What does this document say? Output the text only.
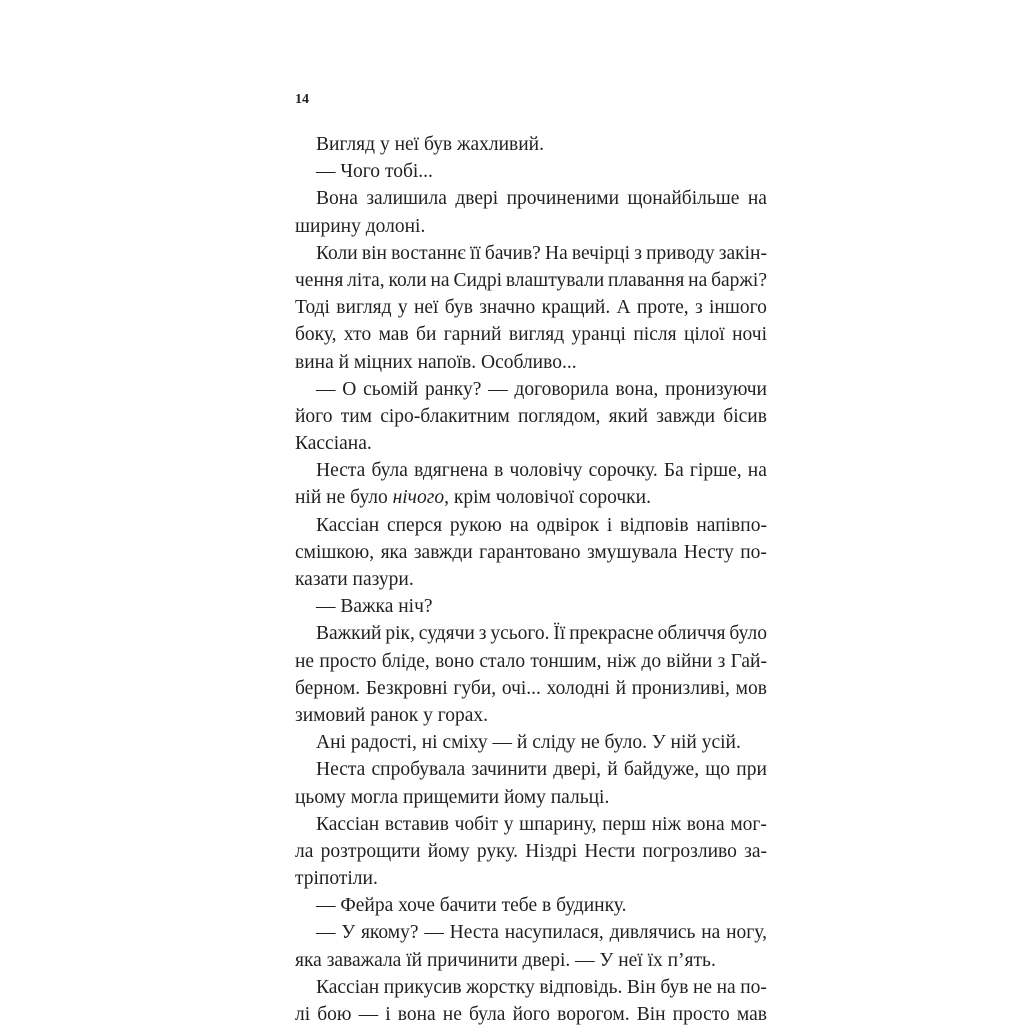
14
Вигляд у неї був жахливий.
— Чого тобі...
Вона залишила двері прочиненими щонайбільше на
ширину долоні.
Коли він востаннє її бачив? На вечірці з приводу закін-
чення літа, коли на Сидрі влаштували плавання на баржі?
Тоді вигляд у неї був значно кращий. А проте, з іншого
боку, хто мав би гарний вигляд уранці після цілої ночі
вина й міцних напоїв. Особливо...
— О сьомій ранку? — договорила вона, пронизуючи
його тим сіро-блакитним поглядом, який завжди бісив
Кассіана.
Неста була вдягнена в чоловічу сорочку. Ба гірше, на
ній не було нічого, крім чоловічої сорочки.
Кассіан сперся рукою на одвірок і відповів напівпо-
смішкою, яка завжди гарантовано змушувала Несту по-
казати пазури.
— Важка ніч?
Важкий рік, судячи з усього. Її прекрасне обличчя було
не просто бліде, воно стало тоншим, ніж до війни з Гай-
берном. Безкровні губи, очі... холодні й пронизливі, мов
зимовий ранок у горах.
Ані радості, ні сміху — й сліду не було. У ній усій.
Неста спробувала зачинити двері, й байдуже, що при
цьому могла прищемити йому пальці.
Кассіан вставив чобіт у шпарину, перш ніж вона мог-
ла розтрощити йому руку. Ніздрі Нести погрозливо за-
тріпотіли.
— Фейра хоче бачити тебе в будинку.
— У якому? — Неста насупилася, дивлячись на ногу,
яка заважала їй причинити двері. — У неї їх п’ять.
Кассіан прикусив жорстку відповідь. Він був не на по-
лі бою — і вона не була його ворогом. Він просто мав
